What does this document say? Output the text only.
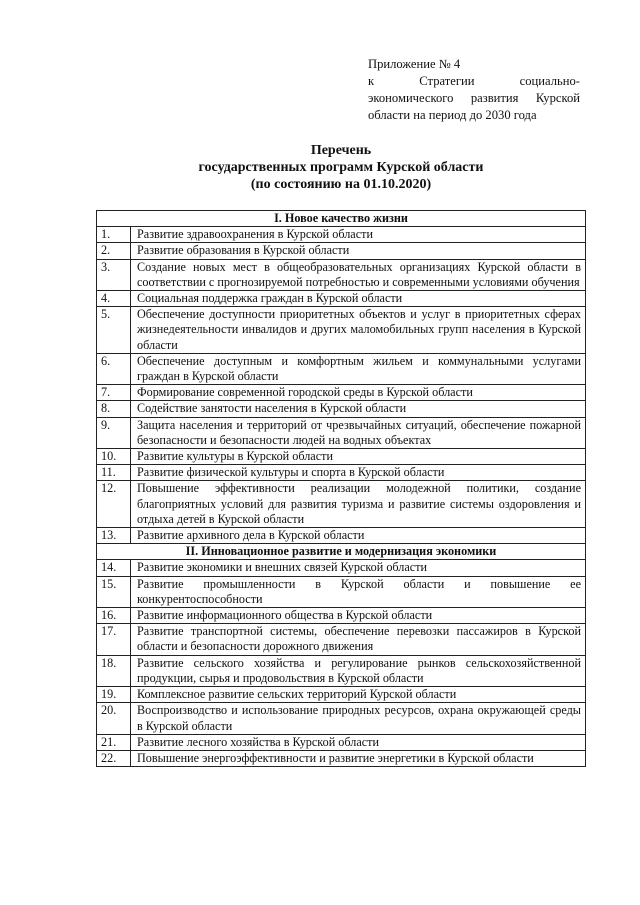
Приложение № 4
к Стратегии социально-
экономического развития Курской
области на период до 2030 года
Перечень
государственных программ Курской области
(по состоянию на 01.10.2020)
I. Новое качество жизни	
1.	Развитие здравоохранения в Курской области
2.	Развитие образования в Курской области
3.	Создание новых мест в общеобразовательных организациях Курской области в соответствии с прогнозируемой потребностью и современными условиями обучения
4.	Социальная поддержка граждан в Курской области
5.	Обеспечение доступности приоритетных объектов и услуг в приоритетных сферах жизнедеятельности инвалидов и других маломобильных групп населения в Курской области
6.	Обеспечение доступным и комфортным жильем и коммунальными услугами граждан в Курской области
7.	Формирование современной городской среды в Курской области
8.	Содействие занятости населения в Курской области
9.	Защита населения и территорий от чрезвычайных ситуаций, обеспечение пожарной безопасности и безопасности людей на водных объектах
10.	Развитие культуры в Курской области
11.	Развитие физической культуры и спорта в Курской области
12.	Повышение эффективности реализации молодежной политики, создание благоприятных условий для развития туризма и развитие системы оздоровления и отдыха детей в Курской области
13.	Развитие архивного дела в Курской области
II. Инновационное развитие и модернизация экономики	
14.	Развитие экономики и внешних связей Курской области
15.	Развитие промышленности в Курской области и повышение ее конкурентоспособности
16.	Развитие информационного общества в Курской области
17.	Развитие транспортной системы, обеспечение перевозки пассажиров в Курской области и безопасности дорожного движения
18.	Развитие сельского хозяйства и регулирование рынков сельскохозяйственной продукции, сырья и продовольствия в Курской области
19.	Комплексное развитие сельских территорий Курской области
20.	Воспроизводство и использование природных ресурсов, охрана окружающей среды в Курской области
21.	Развитие лесного хозяйства в Курской области
22.	Повышение энергоэффективности и развитие энергетики в Курской области
